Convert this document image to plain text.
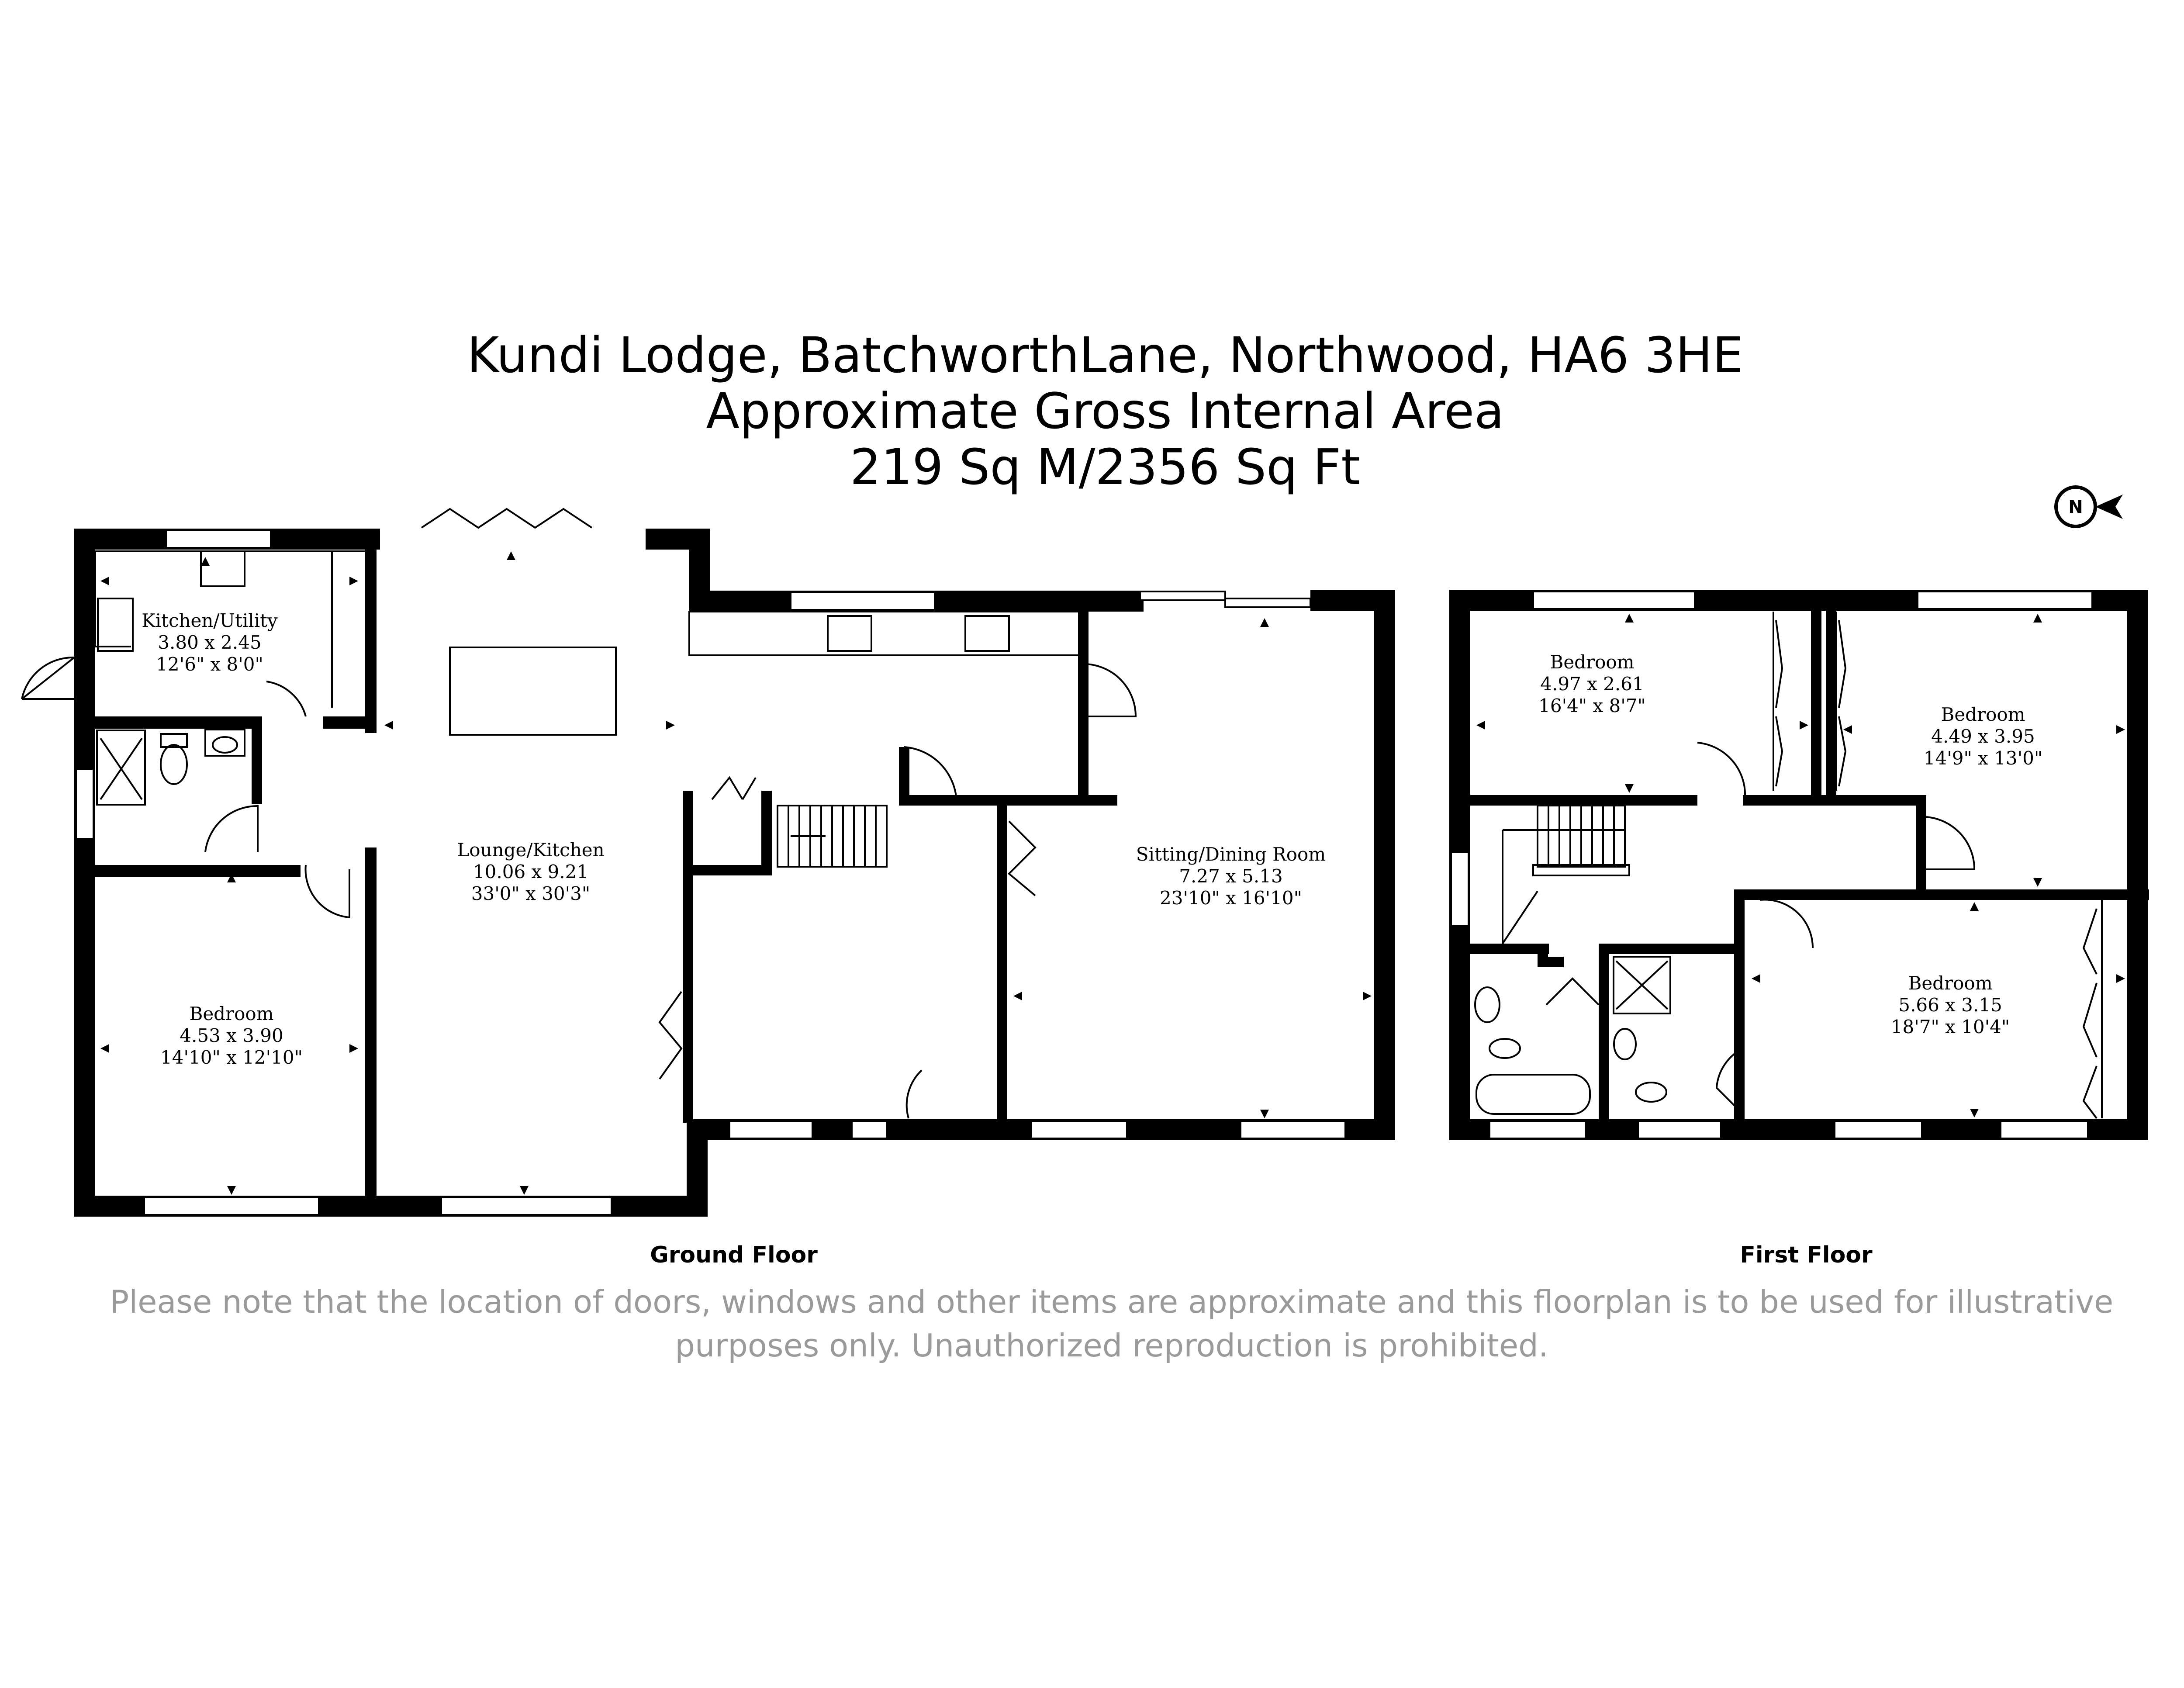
Kundi Lodge, BatchworthLane, Northwood, HA6 3HE
Approximate Gross Internal Area
219 Sq M/2356 Sq Ft
N
Kitchen/Utility
3.80 x 2.45
12'6" x 8'0"
Lounge/Kitchen
10.06 x 9.21
33'0" x 30'3"
Bedroom
4.53 x 3.90
14'10" x 12'10"
Sitting/Dining Room
7.27 x 5.13
23'10" x 16'10"
Ground Floor
Bedroom
4.97 x 2.61
16'4" x 8'7"	Bedroom
4.49 x 3.95
14'9" x 13'0"
Bedroom
5.66 x 3.15
18'7" x 10'4"
First Floor
Please note that the location of doors, windows and other items are approximate and this floorplan is to be used for illustrative
purposes only. Unauthorized reproduction is prohibited.
